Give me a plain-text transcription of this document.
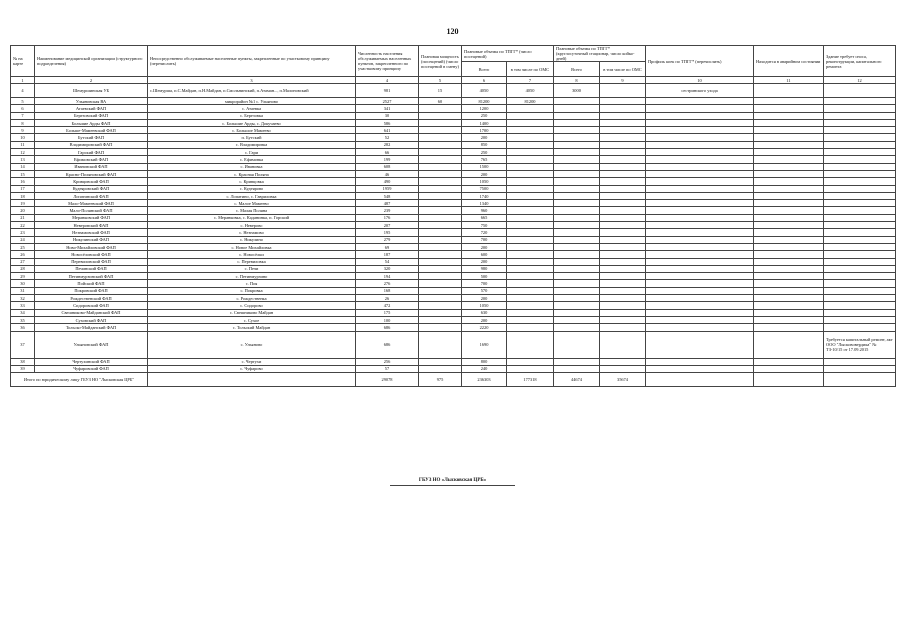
120
№ на карте	Наименование медицинской организации (структурного подразделения)	Непосредственно обслуживаемые населенные пункты, закрепленные по участковому принципу (перечислить)	Численность населения обслуживаемых населенных пунктов, закрепленного по участковому принципу	Плановая мощность (посещений) (число посещений в смену)	Плановые объемы по ТПГГ* (число посещений)		Плановые объемы по ТПГГ* (круглосуточный стационар, число койко-дней)		Профиль коек по ТПГГ* (перечислить)	Находится в аварийном состоянии	Здание требует сноса, реконструкции, капитального ремонта
					Всего	в том числе по ОМС	Всего	в том числе по ОМС			
1	2	3	4	5	6	7	8	9	10	11	12
4	Шемуршинская УБ	с.Шемурша, п.С.Майдан, п.Н.Майдан, п.Смольнинский, п.Атаман..., п.Малоновский	981	15	4050	4050	3000		сестринского ухода		
5	Ульяновская ВА	микрорайон №1 с. Ульяново	2527	60	81200	81200					
6	Атаевский ФАП	с. Атаевка	341		1200						
7	Березовский ФАП	с. Березовка	30		250						
8	Большие Арды ФАП	с. Большие Арды, с. Докучаево	586		1400						
9	Больше-Мамеевский ФАП	с. Большое Мамеево	641		1700						
10	Бутский ФАП	п. Бутский	52		200						
11	Владимировский ФАП	с. Владимировка	282		850						
12	Гарский ФАП	с. Гари	66		250						
13	Ефимовский ФАП	с. Ефимовка	199		765						
14	Ивановский ФАП	с. Ивановка	608		1500						
15	Краснo-Поляновский ФАП	с. Красная Поляна	46		200						
16	Кривцовский ФАП	с. Кривцовка	490		1050						
17	Кудеяровский ФАП	с. Кудеярово	1959		7500						
18	Лопатинский ФАП	с. Лопатино, с. Гавриловка	548		1740						
19	Мало-Мамеевский ФАП	с. Малое Мамеево	487		1340						
20	Мало-Полянский ФАП	с. Малая Поляна	239		960						
21	Меранковский ФАП	с. Меранковка, с. Каданинка, п. Горский	176		665						
22	Неверовский ФАП	с. Неверово	207		750						
23	Незнамовский ФАП	с. Незнамово	195		720						
24	Никулинский ФАП	с. Никулино	279		700						
25	Ново-Михайловский ФАП	с. Новое Михайловка	69		200						
26	Новосёловский ФАП	с. Новосёлки	187		600						
27	Перевиловский ФАП	с. Перевиловка	54		200						
28	Печинский ФАП	с. Печи	320		980						
29	Петинмурзинский ФАП	с. Петинмурзино	194		500						
30	Пойский ФАП	с. Поя	276		700						
31	Покровский ФАП	с. Покровка	168		570						
32	Рождественский ФАП	с. Рождественка	26		200						
33	Сидоровский ФАП	с. Сидорово	472		1050						
34	Свешниково-Майданский ФАП	с. Свешниково Майдан	175		630						
35	Суховский ФАП	с. Сухое	100		200						
36	Тольско-Майданский ФАП	с. Тольский Майдан	686		2220						
37	Ульяновский ФАП	с. Ульяново	686		1690						Требуется капитальный ремонт, акт ООО "Лыскововердика" № ТЗ-10/15 от 17.09.2015
38	Чертухинский ФАП	с. Чертухи	256		800						
39	Чуфаровский ФАП	с. Чуфарово	57		240						
Итого по юридическому лицу ГБУЗ НО "Лысковская ЦРБ"			29078	975	236303	177318	44674	35674			
ГБУЗ НО «Лысковская ЦРБ»
